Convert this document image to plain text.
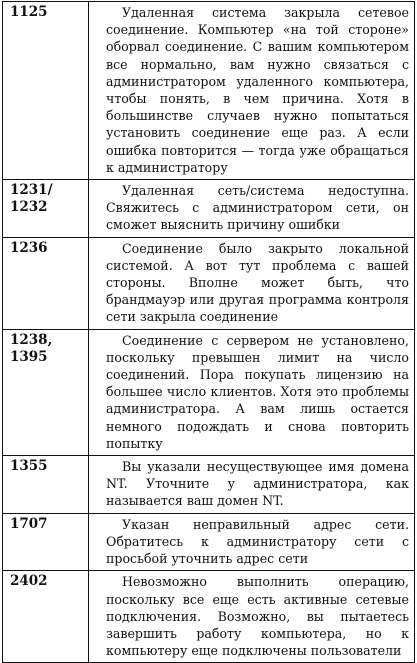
1125	Удаленная система закрыла сетевое соединение. Компьютер «на той стороне» оборвал соединение. С вашим компьютером все нормально, вам нужно связаться с администратором удаленного компьютера, чтобы понять, в чем причина. Хотя в большинстве случаев нужно попытаться установить соединение еще раз. А если ошибка повторится — тогда уже обращаться к администратору
1231/
1232	Удаленная сеть/система недоступна. Свяжитесь с администратором сети, он сможет выяснить причину ошибки
1236	Соединение было закрыто локальной системой. А вот тут проблема с вашей стороны. Вполне может быть, что брандмауэр или другая программа контроля сети закрыла соединение
1238,
1395	Соединение с сервером не установлено, поскольку превышен лимит на число соединений. Пора покупать лицензию на большее число клиентов. Хотя это проблемы администратора. А вам лишь остается немного подождать и снова повторить попытку
1355	Вы указали несуществующее имя домена NT. Уточните у администратора, как называется ваш домен NT.
1707	Указан неправильный адрес сети. Обратитесь к администратору сети с просьбой уточнить адрес сети
2402	Невозможно выполнить операцию, поскольку все еще есть активные сетевые подключения. Возможно, вы пытаетесь завершить работу компьютера, но к компьютеру еще подключены пользователи
